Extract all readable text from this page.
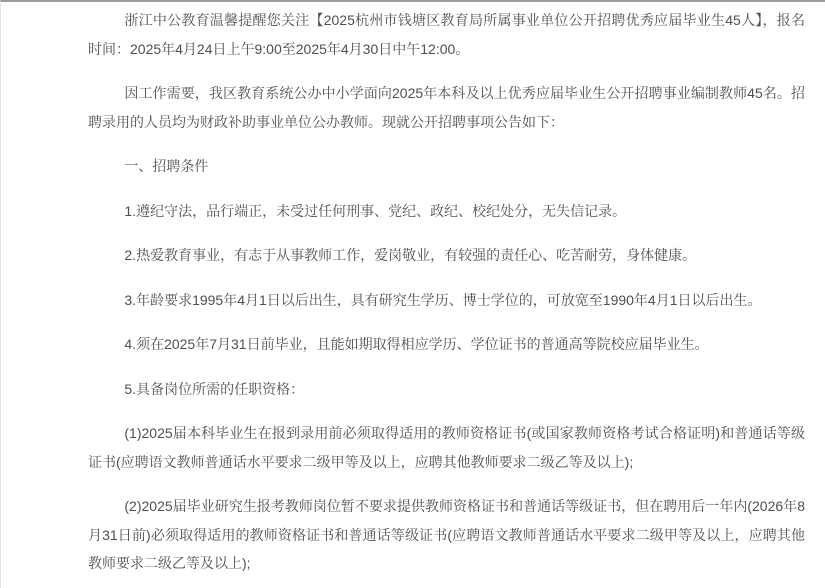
浙江中公教育温馨提醒您关注【2025杭州市钱塘区教育局所属事业单位公开招聘优秀应届毕业生45人】，报名时间：2025年4月24日上午9:00至2025年4月30日中午12:00。

因工作需要，我区教育系统公办中小学面向2025年本科及以上优秀应届毕业生公开招聘事业编制教师45名。招聘录用的人员均为财政补助事业单位公办教师。现就公开招聘事项公告如下：

一、招聘条件

1.遵纪守法，品行端正，未受过任何刑事、党纪、政纪、校纪处分，无失信记录。

2.热爱教育事业，有志于从事教师工作，爱岗敬业，有较强的责任心、吃苦耐劳，身体健康。

3.年龄要求1995年4月1日以后出生，具有研究生学历、博士学位的，可放宽至1990年4月1日以后出生。

4.须在2025年7月31日前毕业，且能如期取得相应学历、学位证书的普通高等院校应届毕业生。

5.具备岗位所需的任职资格：

(1)2025届本科毕业生在报到录用前必须取得适用的教师资格证书(或国家教师资格考试合格证明)和普通话等级证书(应聘语文教师普通话水平要求二级甲等及以上，应聘其他教师要求二级乙等及以上);

(2)2025届毕业研究生报考教师岗位暂不要求提供教师资格证书和普通话等级证书，但在聘用后一年内(2026年8月31日前)必须取得适用的教师资格证书和普通话等级证书(应聘语文教师普通话水平要求二级甲等及以上，应聘其他教师要求二级乙等及以上);
